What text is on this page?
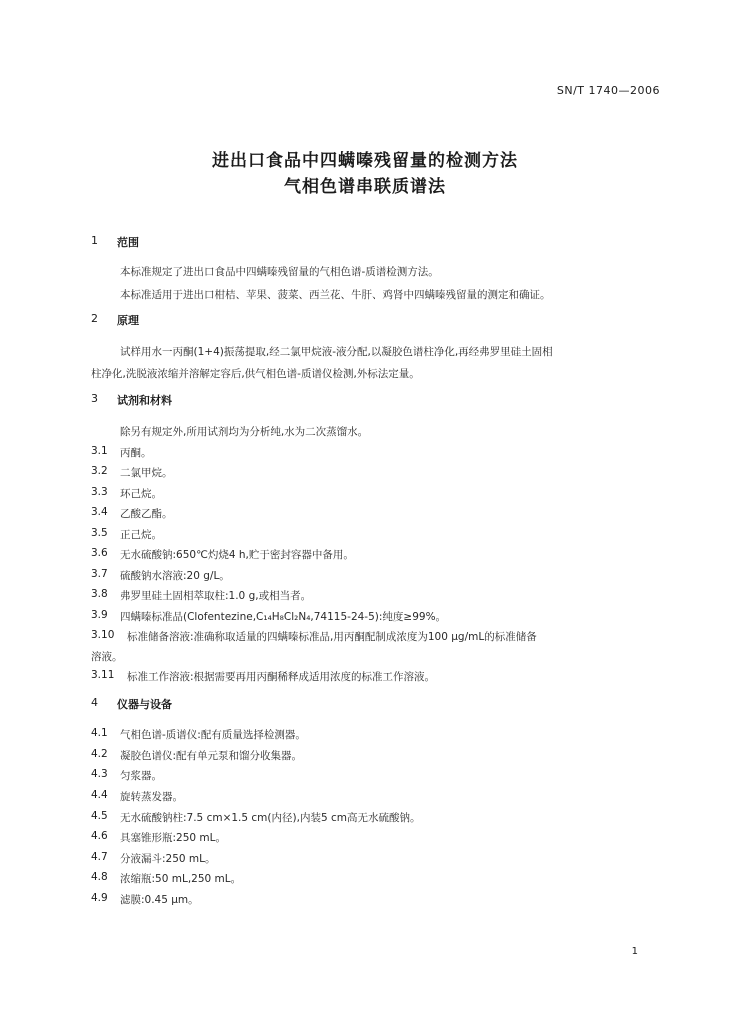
SN/T 1740—2006
进出口食品中四螨嗪残留量的检测方法
气相色谱串联质谱法
1 范围
本标准规定了进出口食品中四螨嗪残留量的气相色谱-质谱检测方法。
本标准适用于进出口柑桔、苹果、菠菜、西兰花、牛肝、鸡肾中四螨嗪残留量的测定和确证。
2 原理
试样用水一丙酮(1+4)振荡提取,经二氯甲烷液-液分配,以凝胶色谱柱净化,再经弗罗里硅土固相
柱净化,洗脱液浓缩并溶解定容后,供气相色谱-质谱仪检测,外标法定量。
3 试剂和材料
除另有规定外,所用试剂均为分析纯,水为二次蒸馏水。
3.1 丙酮。
3.2 二氯甲烷。
3.3 环己烷。
3.4 乙酸乙酯。
3.5 正己烷。
3.6 无水硫酸钠:650℃灼烧4 h,贮于密封容器中备用。
3.7 硫酸钠水溶液:20 g/L。
3.8 弗罗里硅土固相萃取柱:1.0 g,或相当者。
3.9 四螨嗪标准品(Clofentezine,C₁₄H₈Cl₂N₄,74115-24-5):纯度≥99%。
3.10 标准储备溶液:准确称取适量的四螨嗪标准品,用丙酮配制成浓度为100 μg/mL的标准储备
溶液。
3.11 标准工作溶液:根据需要再用丙酮稀释成适用浓度的标准工作溶液。
4 仪器与设备
4.1 气相色谱-质谱仪:配有质量选择检测器。
4.2 凝胶色谱仪:配有单元泵和馏分收集器。
4.3 匀浆器。
4.4 旋转蒸发器。
4.5 无水硫酸钠柱:7.5 cm×1.5 cm(内径),内装5 cm高无水硫酸钠。
4.6 具塞锥形瓶:250 mL。
4.7 分液漏斗:250 mL。
4.8 浓缩瓶:50 mL,250 mL。
4.9 滤膜:0.45 μm。
1
